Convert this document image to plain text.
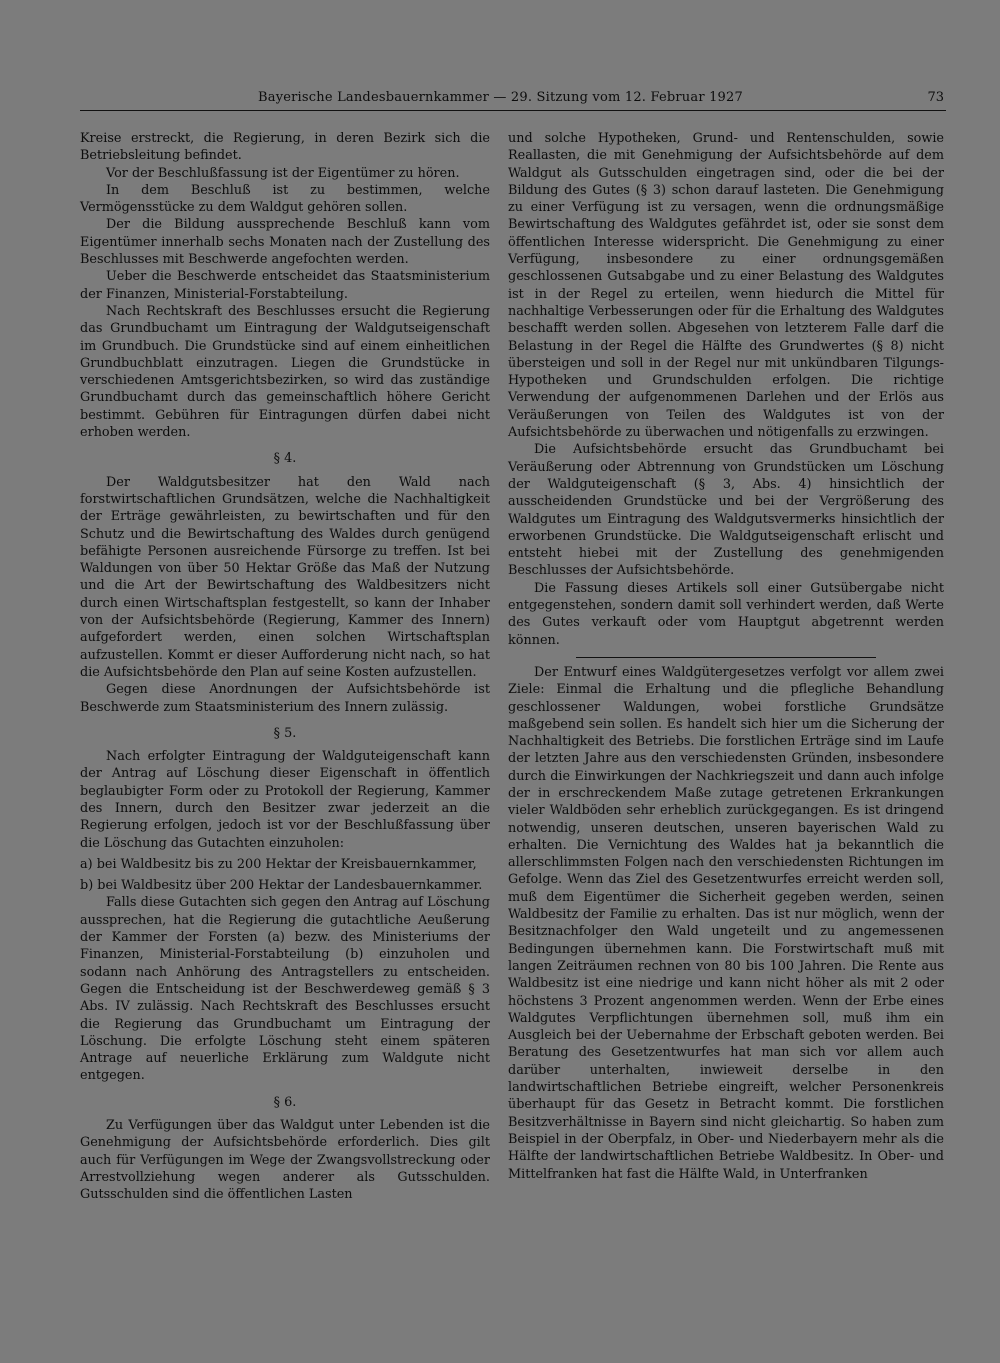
Bayerische Landesbauernkammer — 29. Sitzung vom 12. Februar 1927	73

Kreise erstreckt, die Regierung, in deren Bezirk sich die Betriebsleitung befindet.

Vor der Beschlußfassung ist der Eigentümer zu hören.

In dem Beschluß ist zu bestimmen, welche Vermögensstücke zu dem Waldgut gehören sollen.

Der die Bildung aussprechende Beschluß kann vom Eigentümer innerhalb sechs Monaten nach der Zustellung des Beschlusses mit Beschwerde angefochten werden.

Ueber die Beschwerde entscheidet das Staatsministerium der Finanzen, Ministerial-Forstabteilung.

Nach Rechtskraft des Beschlusses ersucht die Regierung das Grundbuchamt um Eintragung der Waldgutseigenschaft im Grundbuch. Die Grundstücke sind auf einem einheitlichen Grundbuchblatt einzutragen. Liegen die Grundstücke in verschiedenen Amtsgerichtsbezirken, so wird das zuständige Grundbuchamt durch das gemeinschaftlich höhere Gericht bestimmt. Gebühren für Eintragungen dürfen dabei nicht erhoben werden.

§ 4.

Der Waldgutsbesitzer hat den Wald nach forstwirtschaftlichen Grundsätzen, welche die Nachhaltigkeit der Erträge gewährleisten, zu bewirtschaften und für den Schutz und die Bewirtschaftung des Waldes durch genügend befähigte Personen ausreichende Fürsorge zu treffen. Ist bei Waldungen von über 50 Hektar Größe das Maß der Nutzung und die Art der Bewirtschaftung des Waldbesitzers nicht durch einen Wirtschaftsplan festgestellt, so kann der Inhaber von der Aufsichtsbehörde (Regierung, Kammer des Innern) aufgefordert werden, einen solchen Wirtschaftsplan aufzustellen. Kommt er dieser Aufforderung nicht nach, so hat die Aufsichtsbehörde den Plan auf seine Kosten aufzustellen.

Gegen diese Anordnungen der Aufsichtsbehörde ist Beschwerde zum Staatsministerium des Innern zulässig.

§ 5.

Nach erfolgter Eintragung der Waldguteigenschaft kann der Antrag auf Löschung dieser Eigenschaft in öffentlich beglaubigter Form oder zu Protokoll der Regierung, Kammer des Innern, durch den Besitzer zwar jederzeit an die Regierung erfolgen, jedoch ist vor der Beschlußfassung über die Löschung das Gutachten einzuholen:

a) bei Waldbesitz bis zu 200 Hektar der Kreisbauernkammer,

b) bei Waldbesitz über 200 Hektar der Landesbauernkammer.

Falls diese Gutachten sich gegen den Antrag auf Löschung aussprechen, hat die Regierung die gutachtliche Aeußerung der Kammer der Forsten (a) bezw. des Ministeriums der Finanzen, Ministerial-Forstabteilung (b) einzuholen und sodann nach Anhörung des Antragstellers zu entscheiden. Gegen die Entscheidung ist der Beschwerdeweg gemäß § 3 Abs. IV zulässig. Nach Rechtskraft des Beschlusses ersucht die Regierung das Grundbuchamt um Eintragung der Löschung. Die erfolgte Löschung steht einem späteren Antrage auf neuerliche Erklärung zum Waldgute nicht entgegen.

§ 6.

Zu Verfügungen über das Waldgut unter Lebenden ist die Genehmigung der Aufsichtsbehörde erforderlich. Dies gilt auch für Verfügungen im Wege der Zwangsvollstreckung oder Arrestvollziehung wegen anderer als Gutsschulden. Gutsschulden sind die öffentlichen Lasten

und solche Hypotheken, Grund- und Rentenschulden, sowie Reallasten, die mit Genehmigung der Aufsichtsbehörde auf dem Waldgut als Gutsschulden eingetragen sind, oder die bei der Bildung des Gutes (§ 3) schon darauf lasteten. Die Genehmigung zu einer Verfügung ist zu versagen, wenn die ordnungsmäßige Bewirtschaftung des Waldgutes gefährdet ist, oder sie sonst dem öffentlichen Interesse widerspricht. Die Genehmigung zu einer Verfügung, insbesondere zu einer ordnungsgemäßen geschlossenen Gutsabgabe und zu einer Belastung des Waldgutes ist in der Regel zu erteilen, wenn hiedurch die Mittel für nachhaltige Verbesserungen oder für die Erhaltung des Waldgutes beschafft werden sollen. Abgesehen von letzterem Falle darf die Belastung in der Regel die Hälfte des Grundwertes (§ 8) nicht übersteigen und soll in der Regel nur mit unkündbaren Tilgungs-Hypotheken und Grundschulden erfolgen. Die richtige Verwendung der aufgenommenen Darlehen und der Erlös aus Veräußerungen von Teilen des Waldgutes ist von der Aufsichtsbehörde zu überwachen und nötigenfalls zu erzwingen.

Die Aufsichtsbehörde ersucht das Grundbuchamt bei Veräußerung oder Abtrennung von Grundstücken um Löschung der Waldguteigenschaft (§ 3, Abs. 4) hinsichtlich der ausscheidenden Grundstücke und bei der Vergrößerung des Waldgutes um Eintragung des Waldgutsvermerks hinsichtlich der erworbenen Grundstücke. Die Waldgutseigenschaft erlischt und entsteht hiebei mit der Zustellung des genehmigenden Beschlusses der Aufsichtsbehörde.

Die Fassung dieses Artikels soll einer Gutsübergabe nicht entgegenstehen, sondern damit soll verhindert werden, daß Werte des Gutes verkauft oder vom Hauptgut abgetrennt werden können.

Der Entwurf eines Waldgütergesetzes verfolgt vor allem zwei Ziele: Einmal die Erhaltung und die pflegliche Behandlung geschlossener Waldungen, wobei forstliche Grundsätze maßgebend sein sollen. Es handelt sich hier um die Sicherung der Nachhaltigkeit des Betriebs. Die forstlichen Erträge sind im Laufe der letzten Jahre aus den verschiedensten Gründen, insbesondere durch die Einwirkungen der Nachkriegszeit und dann auch infolge der in erschreckendem Maße zutage getretenen Erkrankungen vieler Waldböden sehr erheblich zurückgegangen. Es ist dringend notwendig, unseren deutschen, unseren bayerischen Wald zu erhalten. Die Vernichtung des Waldes hat ja bekanntlich die allerschlimmsten Folgen nach den verschiedensten Richtungen im Gefolge. Wenn das Ziel des Gesetzentwurfes erreicht werden soll, muß dem Eigentümer die Sicherheit gegeben werden, seinen Waldbesitz der Familie zu erhalten. Das ist nur möglich, wenn der Besitznachfolger den Wald ungeteilt und zu angemessenen Bedingungen übernehmen kann. Die Forstwirtschaft muß mit langen Zeiträumen rechnen von 80 bis 100 Jahren. Die Rente aus Waldbesitz ist eine niedrige und kann nicht höher als mit 2 oder höchstens 3 Prozent angenommen werden. Wenn der Erbe eines Waldgutes Verpflichtungen übernehmen soll, muß ihm ein Ausgleich bei der Uebernahme der Erbschaft geboten werden. Bei Beratung des Gesetzentwurfes hat man sich vor allem auch darüber unterhalten, inwieweit derselbe in den landwirtschaftlichen Betriebe eingreift, welcher Personenkreis überhaupt für das Gesetz in Betracht kommt. Die forstlichen Besitzverhältnisse in Bayern sind nicht gleichartig. So haben zum Beispiel in der Oberpfalz, in Ober- und Niederbayern mehr als die Hälfte der landwirtschaftlichen Betriebe Waldbesitz. In Ober- und Mittelfranken hat fast die Hälfte Wald, in Unterfranken
